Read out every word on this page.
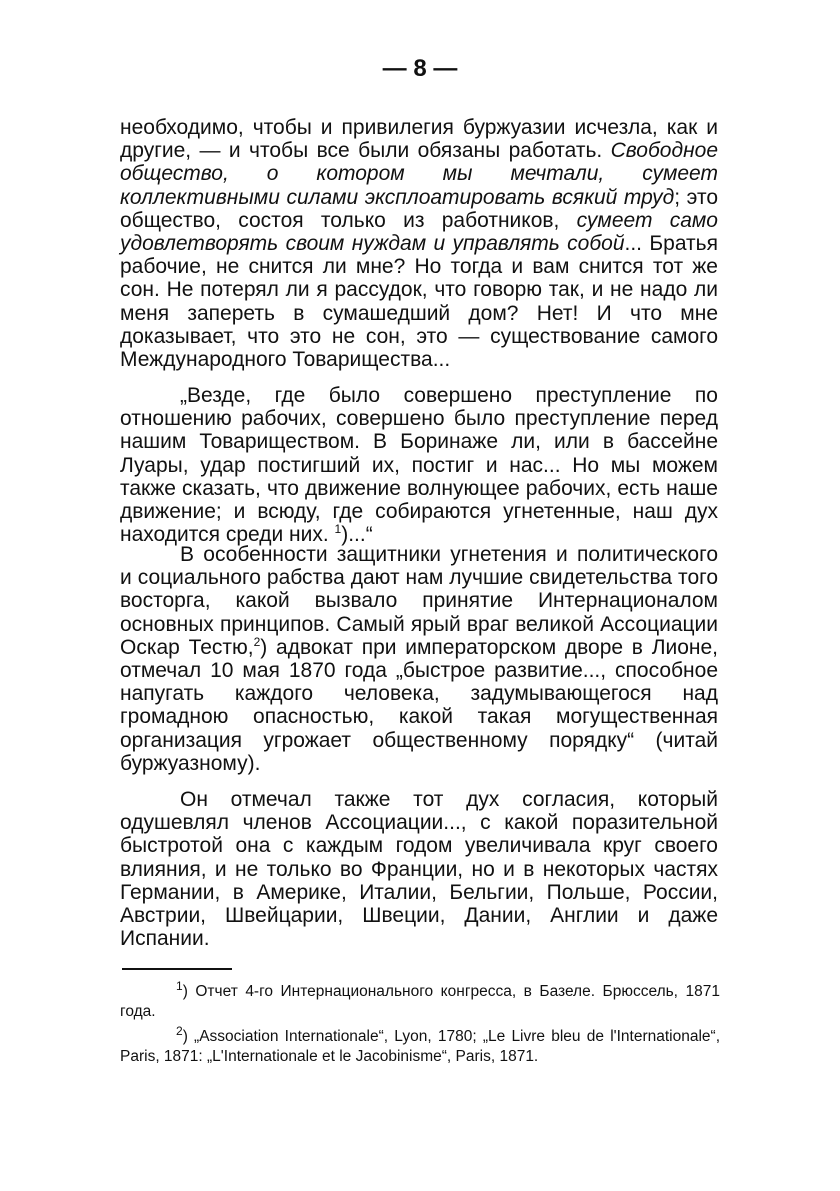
— 8 —

необходимо, чтобы и привилегия буржуазии исчезла, как и другие, — и чтобы все были обязаны работать. Свободное общество, о котором мы мечтали, сумеет коллективными силами эксплоатировать всякий труд; это общество, состоя только из работников, сумеет само удовлетворять своим нуждам и управлять собой... Братья рабочие, не снится ли мне? Но тогда и вам снится тот же сон. Не потерял ли я рассудок, что говорю так, и не надо ли меня запереть в сумашедший дом? Нет! И что мне доказывает, что это не сон, это — существование самого Международного Товарищества...

„Везде, где было совершено преступление по отношению рабочих, совершено было преступление перед нашим Товариществом. В Боринаже ли, или в бассейне Луары, удар постигший их, постиг и нас... Но мы можем также сказать, что движение волнующее рабочих, есть наше движение; и всюду, где собираются угнетенные, наш дух находится среди них. $^1$)...“

В особенности защитники угнетения и политического и социального рабства дают нам лучшие свидетельства того восторга, какой вызвало принятие Интернационалом основных принципов. Самый ярый враг великой Ассоциации Оскар Тестю,$^2$) адвокат при императорском дворе в Лионе, отмечал 10 мая 1870 года „быстрое развитие..., способное напугать каждого человека, задумывающегося над громадною опасностью, какой такая могущественная организация угрожает общественному порядку“ (читай буржуазному).

Он отмечал также тот дух согласия, который одушевлял членов Ассоциации..., с какой поразительной быстротой она с каждым годом увеличивала круг своего влияния, и не только во Франции, но и в некоторых частях Германии, в Америке, Италии, Бельгии, Польше, России, Австрии, Швейцарии, Швеции, Дании, Англии и даже Испании.

$^1$) Отчет 4-го Интернационального конгресса, в Базеле. Брюссель, 1871 года.
$^2$) „Association Internationale“, Lyon, 1780; „Le Livre bleu de l'Internationale“, Paris, 1871: „L'Internationale et le Jacobinisme“, Paris, 1871.
